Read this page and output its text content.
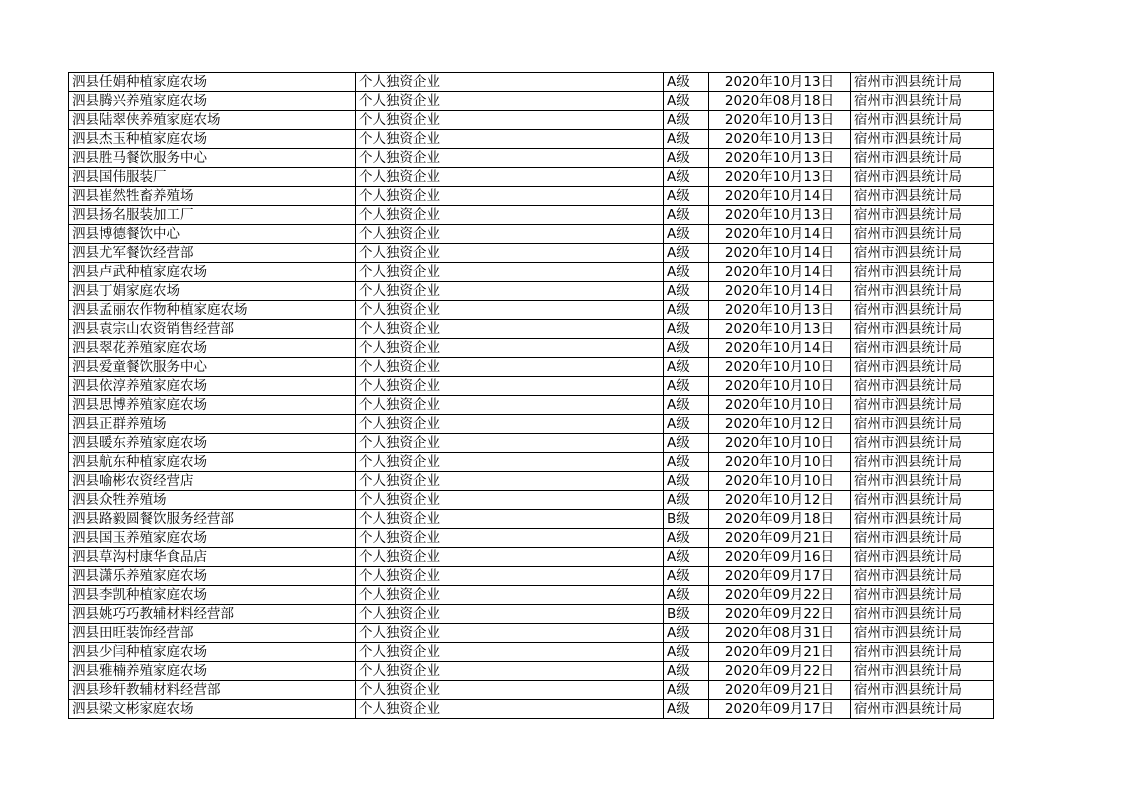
泗县任娟种植家庭农场	个人独资企业	A级	2020年10月13日	宿州市泗县统计局
泗县腾兴养殖家庭农场	个人独资企业	A级	2020年08月18日	宿州市泗县统计局
泗县陆翠侠养殖家庭农场	个人独资企业	A级	2020年10月13日	宿州市泗县统计局
泗县杰玉种植家庭农场	个人独资企业	A级	2020年10月13日	宿州市泗县统计局
泗县胜马餐饮服务中心	个人独资企业	A级	2020年10月13日	宿州市泗县统计局
泗县国伟服装厂	个人独资企业	A级	2020年10月13日	宿州市泗县统计局
泗县崔然牲畜养殖场	个人独资企业	A级	2020年10月14日	宿州市泗县统计局
泗县扬名服装加工厂	个人独资企业	A级	2020年10月13日	宿州市泗县统计局
泗县博德餐饮中心	个人独资企业	A级	2020年10月14日	宿州市泗县统计局
泗县尤军餐饮经营部	个人独资企业	A级	2020年10月14日	宿州市泗县统计局
泗县卢武种植家庭农场	个人独资企业	A级	2020年10月14日	宿州市泗县统计局
泗县丁娟家庭农场	个人独资企业	A级	2020年10月14日	宿州市泗县统计局
泗县孟丽农作物种植家庭农场	个人独资企业	A级	2020年10月13日	宿州市泗县统计局
泗县袁宗山农资销售经营部	个人独资企业	A级	2020年10月13日	宿州市泗县统计局
泗县翠花养殖家庭农场	个人独资企业	A级	2020年10月14日	宿州市泗县统计局
泗县爱童餐饮服务中心	个人独资企业	A级	2020年10月10日	宿州市泗县统计局
泗县依淳养殖家庭农场	个人独资企业	A级	2020年10月10日	宿州市泗县统计局
泗县思博养殖家庭农场	个人独资企业	A级	2020年10月10日	宿州市泗县统计局
泗县正群养殖场	个人独资企业	A级	2020年10月12日	宿州市泗县统计局
泗县暖东养殖家庭农场	个人独资企业	A级	2020年10月10日	宿州市泗县统计局
泗县航东种植家庭农场	个人独资企业	A级	2020年10月10日	宿州市泗县统计局
泗县喻彬农资经营店	个人独资企业	A级	2020年10月10日	宿州市泗县统计局
泗县众牲养殖场	个人独资企业	A级	2020年10月12日	宿州市泗县统计局
泗县路毅圆餐饮服务经营部	个人独资企业	B级	2020年09月18日	宿州市泗县统计局
泗县国玉养殖家庭农场	个人独资企业	A级	2020年09月21日	宿州市泗县统计局
泗县草沟村康华食品店	个人独资企业	A级	2020年09月16日	宿州市泗县统计局
泗县潇乐养殖家庭农场	个人独资企业	A级	2020年09月17日	宿州市泗县统计局
泗县李凯种植家庭农场	个人独资企业	A级	2020年09月22日	宿州市泗县统计局
泗县姚巧巧教辅材料经营部	个人独资企业	B级	2020年09月22日	宿州市泗县统计局
泗县田旺装饰经营部	个人独资企业	A级	2020年08月31日	宿州市泗县统计局
泗县少闫种植家庭农场	个人独资企业	A级	2020年09月21日	宿州市泗县统计局
泗县雅楠养殖家庭农场	个人独资企业	A级	2020年09月22日	宿州市泗县统计局
泗县珍轩教辅材料经营部	个人独资企业	A级	2020年09月21日	宿州市泗县统计局
泗县梁文彬家庭农场	个人独资企业	A级	2020年09月17日	宿州市泗县统计局
